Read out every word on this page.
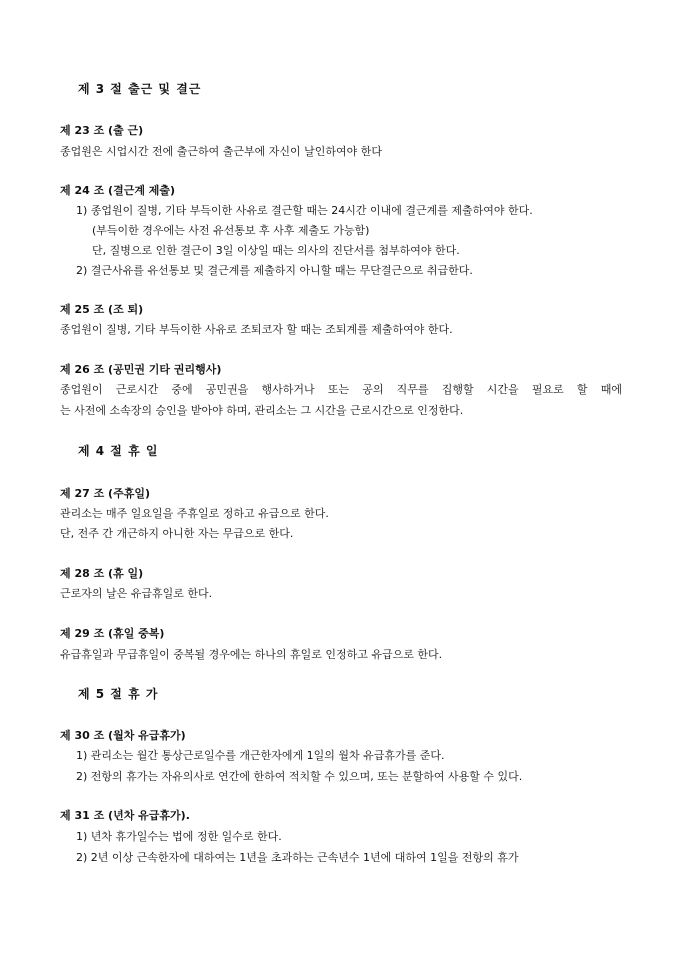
제 3 절 출근 및 결근
제 23 조 (출 근)
종업원은 시업시간 전에 출근하여 출근부에 자신이 날인하여야 한다
제 24 조 (결근계 제출)
1) 종업원이 질병, 기타 부득이한 사유로 결근할 때는 24시간 이내에 결근계를 제출하여야 한다.
(부득이한 경우에는 사전 유선통보 후 사후 제출도 가능함)
단, 질병으로 인한 결근이 3일 이상일 때는 의사의 진단서를 첨부하여야 한다.
2) 결근사유를 유선통보 및 결근계를 제출하지 아니할 때는 무단결근으로 취급한다.
제 25 조 (조 퇴)
종업원이 질병, 기타 부득이한 사유로 조퇴코자 할 때는 조퇴계를 제출하여야 한다.
제 26 조 (공민권 기타 권리행사)
종업원이 근로시간 중에 공민권을 행사하거나 또는 공의 직무를 집행할 시간을 필요로 할 때에
는 사전에 소속장의 승인을 받아야 하며, 관리소는 그 시간을 근로시간으로 인정한다.
제 4 절 휴 일
제 27 조 (주휴일)
관리소는 매주 일요일을 주휴일로 정하고 유급으로 한다.
단, 전주 간 개근하지 아니한 자는 무급으로 한다.
제 28 조 (휴 일)
근로자의 날은 유급휴일로 한다.
제 29 조 (휴일 중복)
유급휴일과 무급휴일이 중복될 경우에는 하나의 휴일로 인정하고 유급으로 한다.
제 5 절 휴 가
제 30 조 (월차 유급휴가)
1) 관리소는 월간 통상근로일수를 개근한자에게 1일의 월차 유급휴가를 준다.
2) 전항의 휴가는 자유의사로 연간에 한하여 적치할 수 있으며, 또는 분할하여 사용할 수 있다.
제 31 조 (년차 유급휴가).
1) 년차 휴가일수는 법에 정한 일수로 한다.
2) 2년 이상 근속한자에 대하여는 1년을 초과하는 근속년수 1년에 대하여 1일을 전항의 휴가
